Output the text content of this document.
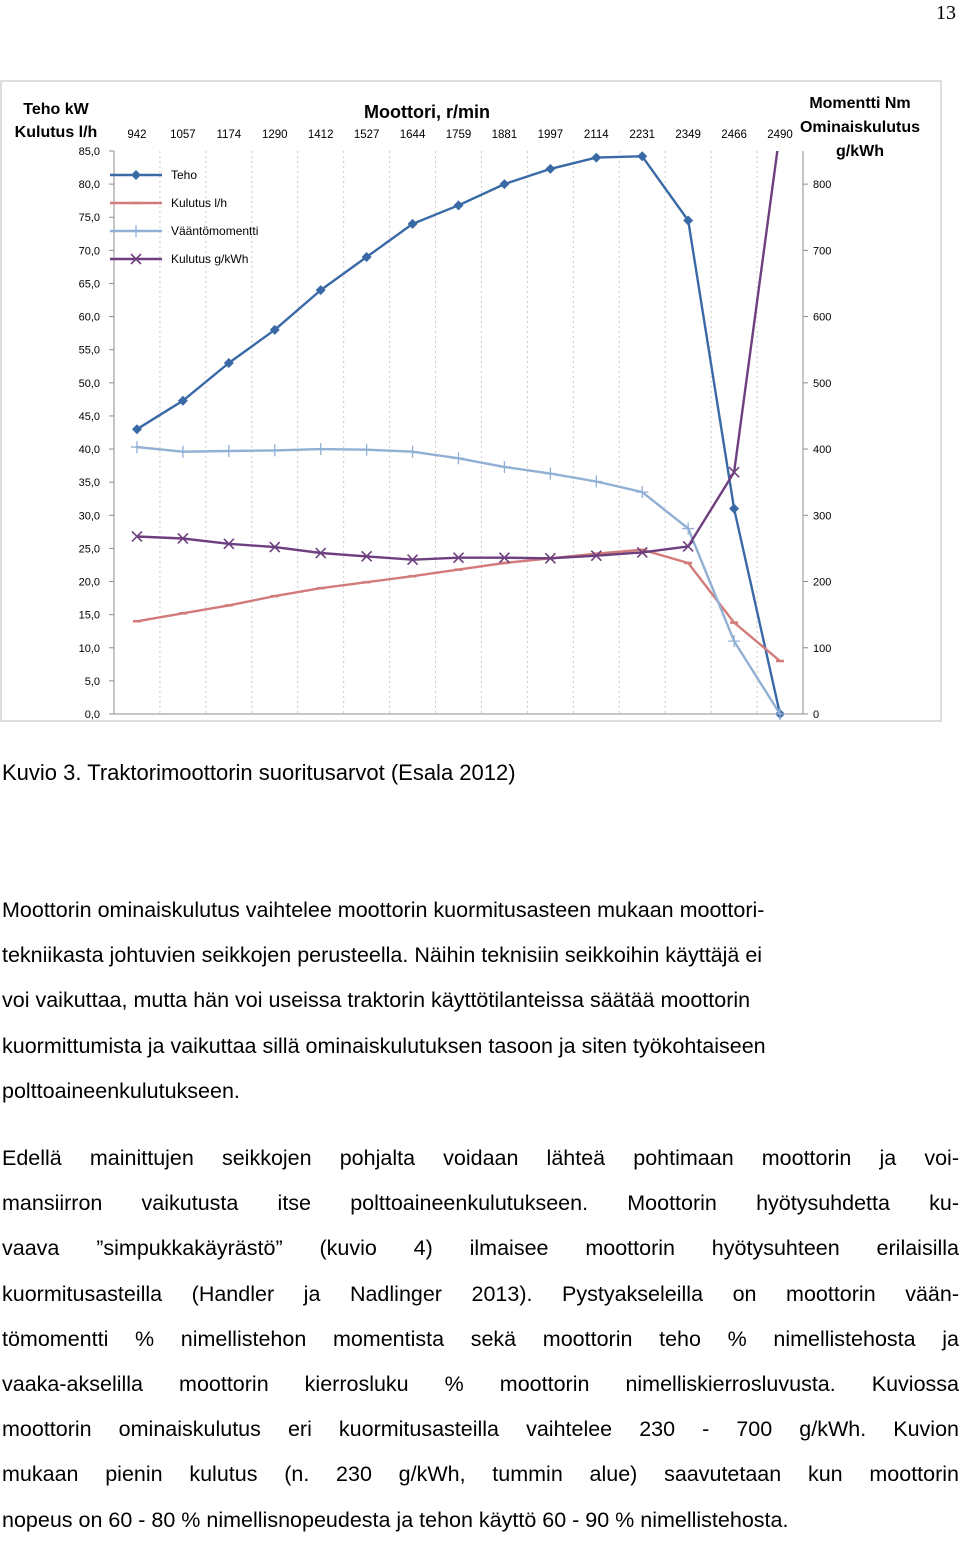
13
0,0
5,0
10,0
15,0
20,0
25,0
30,0
35,0
40,0
45,0
50,0
55,0
60,0
65,0
70,0
75,0
80,0
85,0
0
100
200
300
400
500
600
700
800
942 1057 1174 1290 1412 1527 1644 1759 1881 1997 2114 2231 2349 2466 2490
Moottori, r/min
Teho kW
Kulutus l/h
Momentti Nm
Ominaiskulutus
g/kWh
Teho
Kulutus l/h
Vääntömomentti
Kulutus g/kWh
Kuvio 3. Traktorimoottorin suoritusarvot (Esala 2012)
Moottorin ominaiskulutus vaihtelee moottorin kuormitusasteen mukaan moottori-
tekniikasta johtuvien seikkojen perusteella. Näihin teknisiin seikkoihin käyttäjä ei
voi vaikuttaa, mutta hän voi useissa traktorin käyttötilanteissa säätää moottorin
kuormittumista ja vaikuttaa sillä ominaiskulutuksen tasoon ja siten työkohtaiseen
polttoaineenkulutukseen.
Edellä mainittujen seikkojen pohjalta voidaan lähteä pohtimaan moottorin ja voi-
mansiirron vaikutusta itse polttoaineenkulutukseen. Moottorin hyötysuhdetta ku-
vaava ”simpukkakäyrästö” (kuvio 4) ilmaisee moottorin hyötysuhteen erilaisilla
kuormitusasteilla (Handler ja Nadlinger 2013). Pystyakseleilla on moottorin vään-
tömomentti % nimellistehon momentista sekä moottorin teho % nimellistehosta ja
vaaka-akselilla moottorin kierrosluku % moottorin nimelliskierrosluvusta. Kuviossa
moottorin ominaiskulutus eri kuormitusasteilla vaihtelee 230 - 700 g/kWh. Kuvion
mukaan pienin kulutus (n. 230 g/kWh, tummin alue) saavutetaan kun moottorin
nopeus on 60 - 80 % nimellisnopeudesta ja tehon käyttö 60 - 90 % nimellistehosta.
